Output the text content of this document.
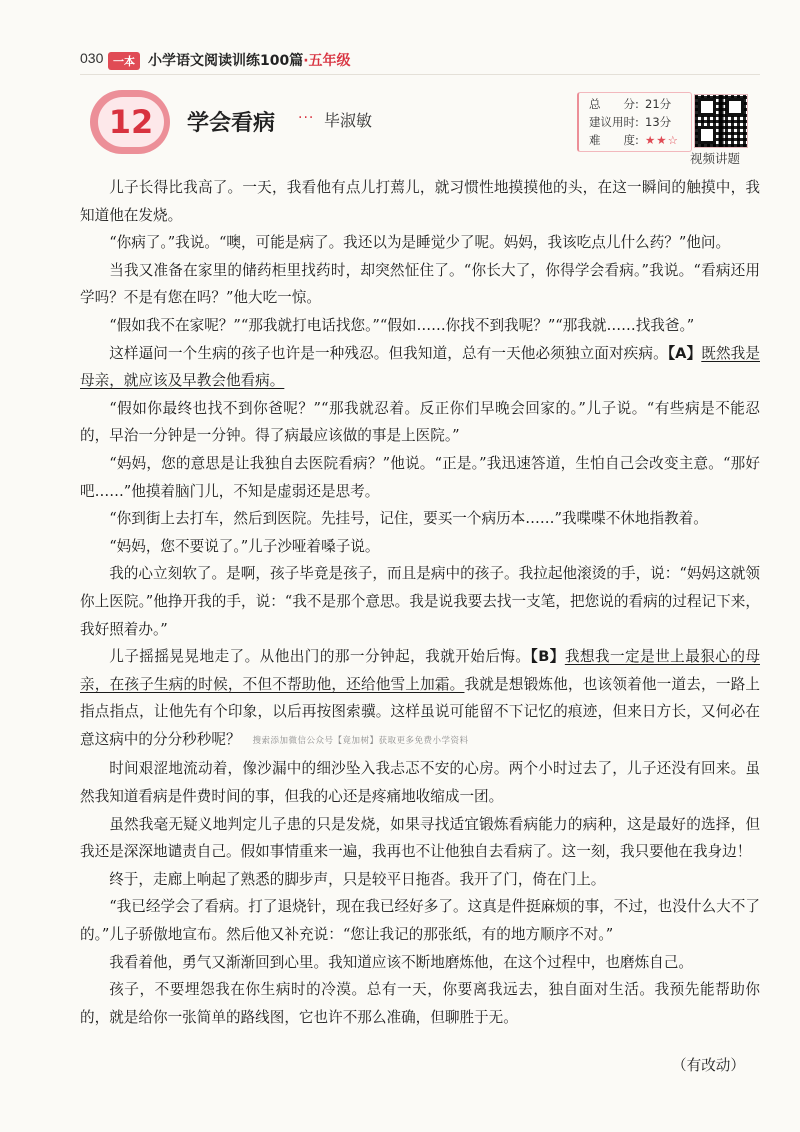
030 一本 小学语文阅读训练100篇·五年级
12	学会看病 ··· 毕淑敏
总　　分: 21分
建议用时: 13分
难　　度: ★★☆
视频讲题

儿子长得比我高了。一天，我看他有点儿打蔫儿，就习惯性地摸摸他的头，在这一瞬间的触摸中，我知道他在发烧。

“你病了。”我说。“噢，可能是病了。我还以为是睡觉少了呢。妈妈，我该吃点儿什么药？”他问。

当我又准备在家里的储药柜里找药时，却突然怔住了。“你长大了，你得学会看病。”我说。“看病还用学吗？不是有您在吗？”他大吃一惊。

“假如我不在家呢？”“那我就打电话找您。”“假如……你找不到我呢？”“那我就……找我爸。”

这样逼问一个生病的孩子也许是一种残忍。但我知道，总有一天他必须独立面对疾病。【A】既然我是母亲，就应该及早教会他看病。

“假如你最终也找不到你爸呢？”“那我就忍着。反正你们早晚会回家的。”儿子说。“有些病是不能忍的，早治一分钟是一分钟。得了病最应该做的事是上医院。”

“妈妈，您的意思是让我独自去医院看病？”他说。“正是。”我迅速答道，生怕自己会改变主意。“那好吧……”他摸着脑门儿，不知是虚弱还是思考。

“你到街上去打车，然后到医院。先挂号，记住，要买一个病历本……”我喋喋不休地指教着。

“妈妈，您不要说了。”儿子沙哑着嗓子说。

我的心立刻软了。是啊，孩子毕竟是孩子，而且是病中的孩子。我拉起他滚烫的手，说：“妈妈这就领你上医院。”他挣开我的手，说：“我不是那个意思。我是说我要去找一支笔，把您说的看病的过程记下来，我好照着办。”

儿子摇摇晃晃地走了。从他出门的那一分钟起，我就开始后悔。【B】我想我一定是世上最狠心的母亲，在孩子生病的时候，不但不帮助他，还给他雪上加霜。我就是想锻炼他，也该领着他一道去，一路上指点指点，让他先有个印象，以后再按图索骥。这样虽说可能留不下记忆的痕迹，但来日方长，又何必在意这病中的分分秒秒呢？ 搜索添加微信公众号【竟加树】获取更多免费小学资料

时间艰涩地流动着，像沙漏中的细沙坠入我忐忑不安的心房。两个小时过去了，儿子还没有回来。虽然我知道看病是件费时间的事，但我的心还是疼痛地收缩成一团。

虽然我毫无疑义地判定儿子患的只是发烧，如果寻找适宜锻炼看病能力的病种，这是最好的选择，但我还是深深地谴责自己。假如事情重来一遍，我再也不让他独自去看病了。这一刻，我只要他在我身边！

终于，走廊上响起了熟悉的脚步声，只是较平日拖沓。我开了门，倚在门上。

“我已经学会了看病。打了退烧针，现在我已经好多了。这真是件挺麻烦的事，不过，也没什么大不了的。”儿子骄傲地宣布。然后他又补充说：“您让我记的那张纸，有的地方顺序不对。”

我看着他，勇气又渐渐回到心里。我知道应该不断地磨炼他，在这个过程中，也磨炼自己。

孩子，不要埋怨我在你生病时的冷漠。总有一天，你要离我远去，独自面对生活。我预先能帮助你的，就是给你一张简单的路线图，它也许不那么准确，但聊胜于无。

（有改动）
